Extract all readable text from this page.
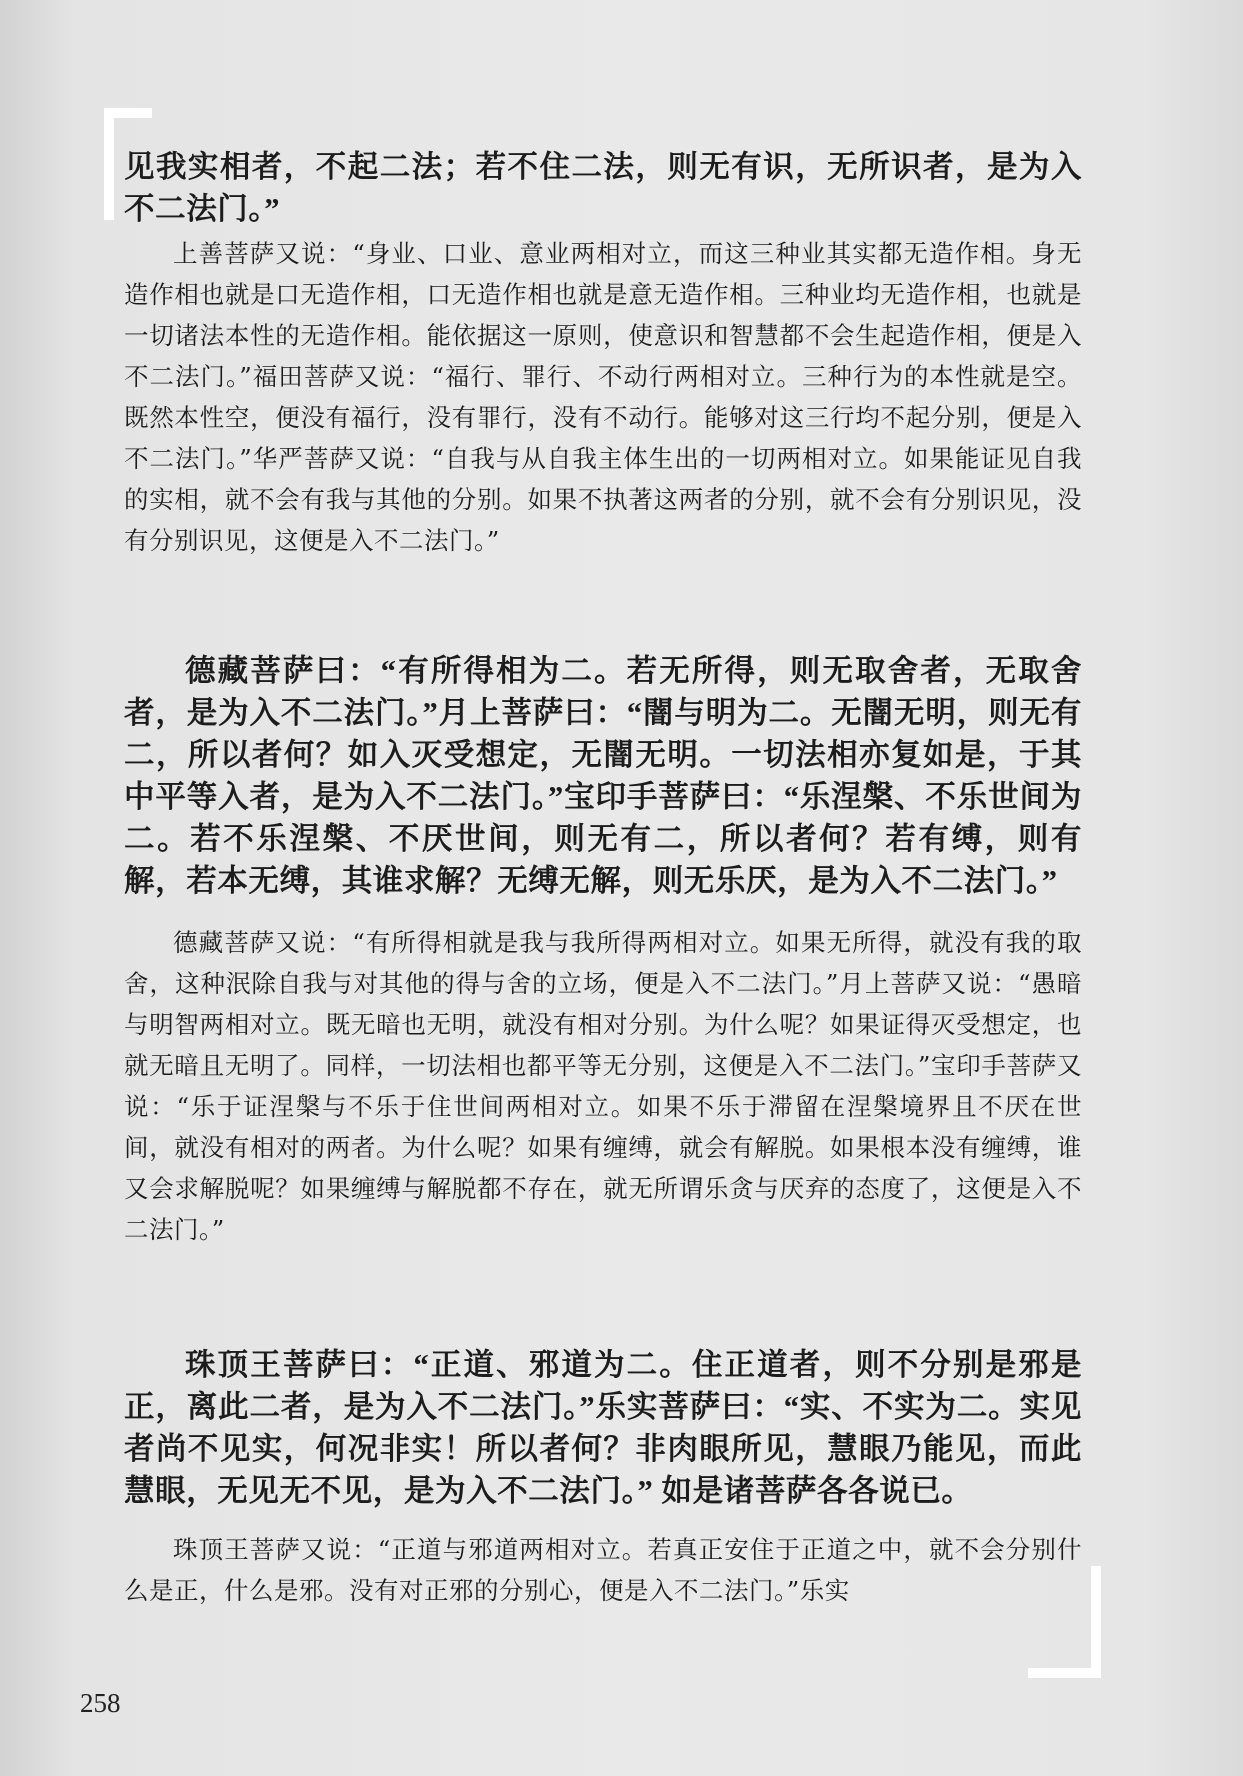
见我实相者，不起二法；若不住二法，则无有识，无所识者，是为入不二法门。”

上善菩萨又说：“身业、口业、意业两相对立，而这三种业其实都无造作相。身无造作相也就是口无造作相，口无造作相也就是意无造作相。三种业均无造作相，也就是一切诸法本性的无造作相。能依据这一原则，使意识和智慧都不会生起造作相，便是入不二法门。”福田菩萨又说：“福行、罪行、不动行两相对立。三种行为的本性就是空。既然本性空，便没有福行，没有罪行，没有不动行。能够对这三行均不起分别，便是入不二法门。”华严菩萨又说：“自我与从自我主体生出的一切两相对立。如果能证见自我的实相，就不会有我与其他的分别。如果不执著这两者的分别，就不会有分别识见，没有分别识见，这便是入不二法门。”

德藏菩萨曰：“有所得相为二。若无所得，则无取舍者，无取舍者，是为入不二法门。”月上菩萨曰：“闇与明为二。无闇无明，则无有二，所以者何？如入灭受想定，无闇无明。一切法相亦复如是，于其中平等入者，是为入不二法门。”宝印手菩萨曰：“乐涅槃、不乐世间为二。若不乐涅槃、不厌世间，则无有二，所以者何？若有缚，则有解，若本无缚，其谁求解？无缚无解，则无乐厌，是为入不二法门。”

德藏菩萨又说：“有所得相就是我与我所得两相对立。如果无所得，就没有我的取舍，这种泯除自我与对其他的得与舍的立场，便是入不二法门。”月上菩萨又说：“愚暗与明智两相对立。既无暗也无明，就没有相对分别。为什么呢？如果证得灭受想定，也就无暗且无明了。同样，一切法相也都平等无分别，这便是入不二法门。”宝印手菩萨又说：“乐于证涅槃与不乐于住世间两相对立。如果不乐于滞留在涅槃境界且不厌在世间，就没有相对的两者。为什么呢？如果有缠缚，就会有解脱。如果根本没有缠缚，谁又会求解脱呢？如果缠缚与解脱都不存在，就无所谓乐贪与厌弃的态度了，这便是入不二法门。”

珠顶王菩萨曰：“正道、邪道为二。住正道者，则不分别是邪是正，离此二者，是为入不二法门。”乐实菩萨曰：“实、不实为二。实见者尚不见实，何况非实！所以者何？非肉眼所见，慧眼乃能见，而此慧眼，无见无不见，是为入不二法门。” 如是诸菩萨各各说已。

珠顶王菩萨又说：“正道与邪道两相对立。若真正安住于正道之中，就不会分别什么是正，什么是邪。没有对正邪的分别心，便是入不二法门。”乐实

258
